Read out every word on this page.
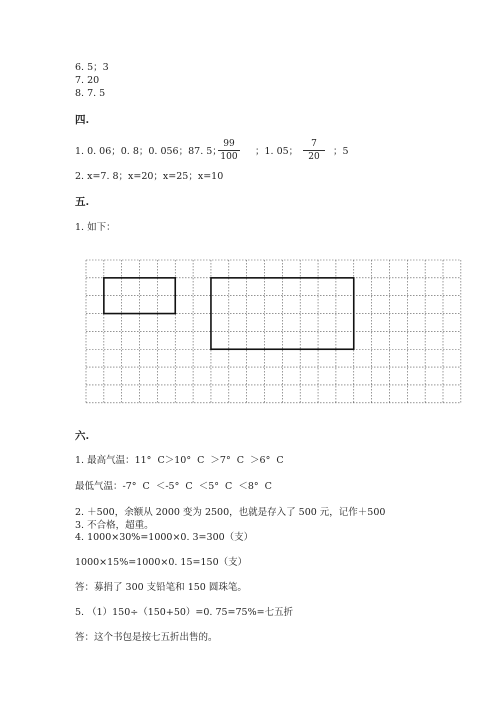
6. 5；3
7. 20
8. 7. 5
四.
1. 0. 06；0. 8；0. 056；87. 5；
$\frac{99}{100}$ ；1. 05； $\frac{7}{20}$ ；5
2. x=7. 8；x=20；x=25；x=10
五.
1. 如下：
六.
1. 最高气温：11°  C＞10°  C  ＞7°  C  ＞6°  C
最低气温：-7°  C  ＜-5°  C  ＜5°  C  ＜8°  C
2. ＋500，余额从 2000 变为 2500，也就是存入了 500 元，记作＋500
3. 不合格，超重。
4. 1000×30%=1000×0. 3=300（支）
1000×15%=1000×0. 15=150（支）
答：募捐了 300 支铅笔和 150 圆珠笔。
5. （1）150÷（150+50）=0. 75=75%=七五折
答：这个书包是按七五折出售的。
